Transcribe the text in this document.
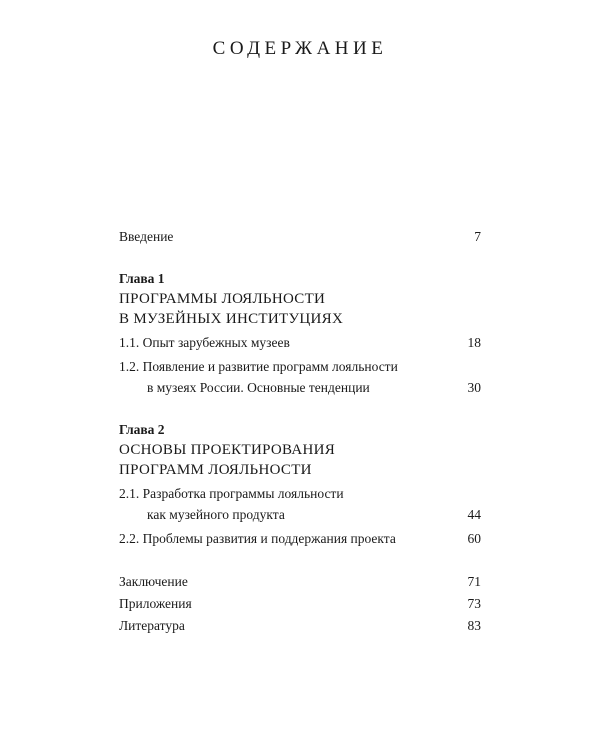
СОДЕРЖАНИЕ
Введение	7
Глава 1
ПРОГРАММЫ ЛОЯЛЬНОСТИ
В МУЗЕЙНЫХ ИНСТИТУЦИЯХ
1.1. Опыт зарубежных музеев	18
1.2. Появление и развитие программ лояльности
в музеях России. Основные тенденции	30
Глава 2
ОСНОВЫ ПРОЕКТИРОВАНИЯ
ПРОГРАММ ЛОЯЛЬНОСТИ
2.1. Разработка программы лояльности
как музейного продукта	44
2.2. Проблемы развития и поддержания проекта	60
Заключение	71
Приложения	73
Литература	83
